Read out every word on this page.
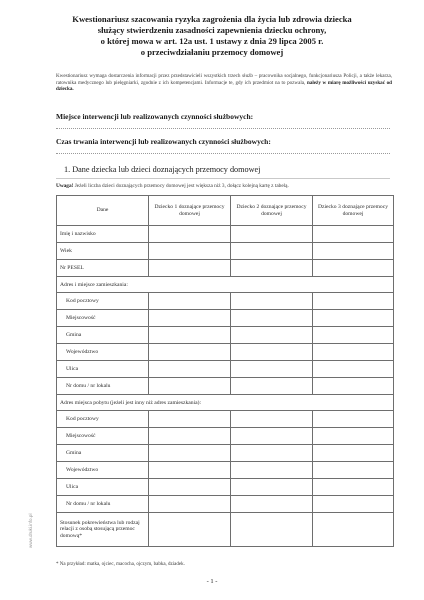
Kwestionariusz szacowania ryzyka zagrożenia dla życia lub zdrowia dziecka
służący stwierdzeniu zasadności zapewnienia dziecku ochrony,
o której mowa w art. 12a ust. 1 ustawy z dnia 29 lipca 2005 r.
o przeciwdziałaniu przemocy domowej
Kwestionariusz wymaga dostarczenia informacji przez przedstawicieli wszystkich trzech służb – pracownika socjalnego, funkcjonariusza Policji, a także lekarza, ratownika medycznego lub pielęgniarki, zgodnie z ich kompetencjami. Informacje te, gdy ich przedmiot na to pozwala, należy w miarę możliwości uzyskać od dziecka.
Miejsce interwencji lub realizowanych czynności służbowych:
Czas trwania interwencji lub realizowanych czynności służbowych:
1. Dane dziecka lub dzieci doznających przemocy domowej
Uwaga! Jeżeli liczba dzieci doznających przemocy domowej jest większa niż 3, dołącz kolejną kartę z tabelą.
Dane	Dziecko 1 doznające przemocy domowej	Dziecko 2 doznające przemocy domowej	Dziecko 3 doznające przemocy domowej
Imię i nazwisko			
Wiek			
Nr PESEL			
Adres i miejsce zamieszkania:			
Kod pocztowy			
Miejscowość			
Gmina			
Województwo			
Ulica			
Nr domu / nr lokalu			
Adres miejsca pobytu (jeżeli jest inny niż adres zamieszkania):			
Kod pocztowy			
Miejscowość			
Gmina			
Województwo			
Ulica			
Nr domu / nr lokalu			
Stosunek pokrewieństwa lub rodzaj relacji z osobą stosującą przemoc domową*			
* Na przykład: matka, ojciec, macocha, ojczym, babka, dziadek.
www.druki.info.pl
- 1 -
